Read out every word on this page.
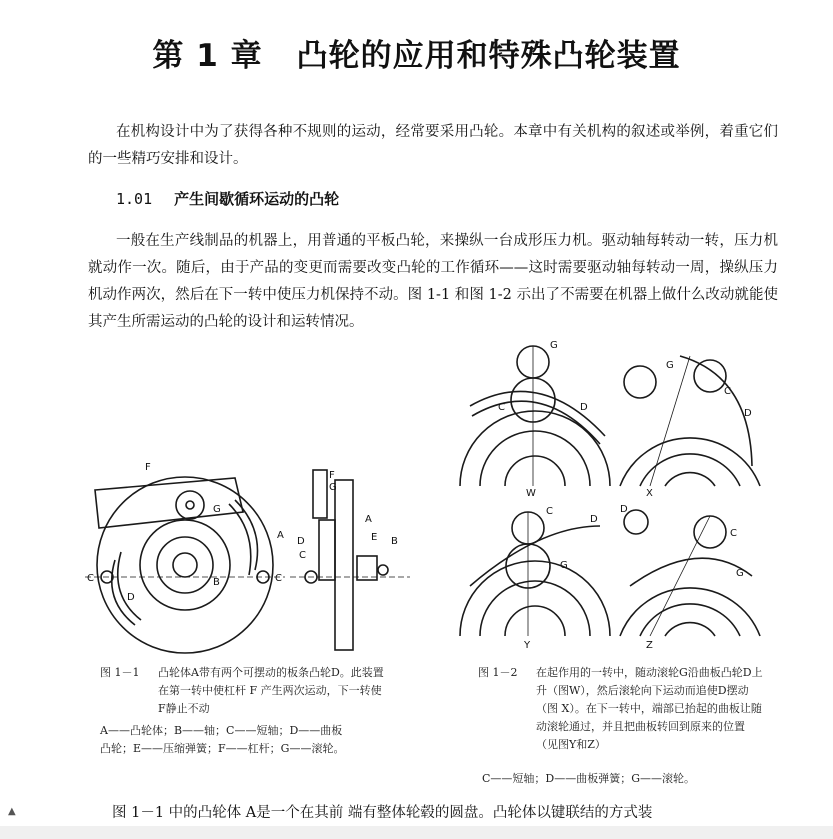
第 1 章 凸轮的应用和特殊凸轮装置
在机构设计中为了获得各种不规则的运动，经常要采用凸轮。本章中有关机构的叙述或举例，着重它们的一些精巧安排和设计。
1.01 产生间歇循环运动的凸轮
一般在生产线制品的机器上，用普通的平板凸轮，来操纵一台成形压力机。驱动轴每转动一转，压力机就动作一次。随后，由于产品的变更而需要改变凸轮的工作循环——这时需要驱动轴每转动一周，操纵压力机动作两次，然后在下一转中使压力机保持不动。图 1-1 和图 1-2 示出了不需要在机器上做什么改动就能使其产生所需运动的凸轮的设计和运转情况。
F
G
A
B
C	C
D
F
G
A
E B
D
C
W
G
C	D
X
G
C
D
Y
C
D
G
Z
D
C
G
图 1－1 凸轮体A带有两个可摆动的板条凸轮D。此装置在第一转中使杠杆 F 产生两次运动，下一转使F静止不动
A——凸轮体；B——轴；C——短轴；D——曲板
凸轮；E——压缩弹簧；F——杠杆；G——滚轮。
图 1－2 在起作用的一转中，随动滚轮G沿曲板凸轮D上升（图W），然后滚轮向下运动而追使D摆动（图 X）。在下一转中，端部已抬起的曲板让随动滚轮通过，并且把曲板转回到原来的位置（见图Y和Z）
C——短轴；D——曲板弹簧；G——滚轮。
▲	图 1－1 中的凸轮体 A是一个在其前 端有整体轮毂的圆盘。凸轮体以键联结的方式装
